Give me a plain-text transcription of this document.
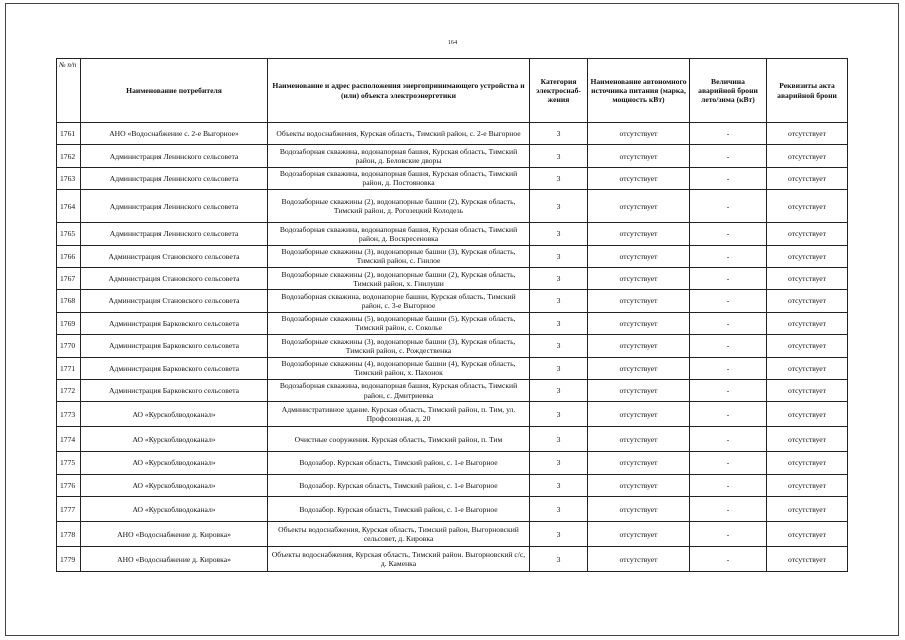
164
№ п/п	Наименование потребителя	Наименование и адрес расположения энергопринимающего устройства и (или) объекта электроэнергетики	Категория электроснаб-жения	Наименование автономного источника питания (марка, мощность кВт)	Величина аварийной брони лето/зима (кВт)	Реквизиты акта аварийной брони
1761	АНО «Водоснабжение с. 2-е Выгорное»	Объекты водоснабжения, Курская область, Тимский район, с. 2-е Выгорное	3	отсутствует	-	отсутствует
1762	Администрация Ленинского сельсовета	Водозаборная скважина, водонапорная башня, Курская область, Тимский район, д. Беловские дворы	3	отсутствует	-	отсутствует
1763	Администрация Ленинского сельсовета	Водозаборная скважина, водонапорная башня, Курская область, Тимский район, д. Постояновка	3	отсутствует	-	отсутствует
1764	Администрация Ленинского сельсовета	Водозаборные скважины (2), водонапорные башни (2), Курская область, Тимский район, д. Рогозецкий Колодезь	3	отсутствует	-	отсутствует
1765	Администрация Ленинского сельсовета	Водозаборная скважина, водонапорная башня, Курская область, Тимский район, д. Воскресеновка	3	отсутствует	-	отсутствует
1766	Администрация Становского сельсовета	Водозаборные скважины (3), водонапорные башни (3), Курская область, Тимский район, с. Гнилое	3	отсутствует	-	отсутствует
1767	Администрация Становского сельсовета	Водозаборные скважины (2), водонапорные башни (2), Курская область, Тимский район, х. Гнилуши	3	отсутствует	-	отсутствует
1768	Администрация Становского сельсовета	Водозаборная скважина, водонапорне башни, Курская область, Тимский район, с. 3-е Выгорное	3	отсутствует	-	отсутствует
1769	Администрация Барковского сельсовета	Водозаборные скважины (5), водонапорные башни (5), Курская область, Тимский район, с. Соколье	3	отсутствует	-	отсутствует
1770	Администрация Барковского сельсовета	Водозаборные скважины (3), водонапорные башни (3), Курская область, Тимский район, с. Рождественка	3	отсутствует	-	отсутствует
1771	Администрация Барковского сельсовета	Водозаборные скважины (4), водонапорные башни (4), Курская область, Тимский район, х. Пахонок	3	отсутствует	-	отсутствует
1772	Администрация Барковского сельсовета	Водозаборная скважина, водонапорная башня, Курская область, Тимский район, с. Дмитриевка	3	отсутствует	-	отсутствует
1773	АО «Курскоблводоканал»	Административное здание. Курская область, Тимский район, п. Тим, ул. Профсоюзная, д. 20	3	отсутствует	-	отсутствует
1774	АО «Курскоблводоканал»	Очистные сооружения. Курская область, Тимский район, п. Тим	3	отсутствует	-	отсутствует
1775	АО «Курскоблводоканал»	Водозабор. Курская область, Тимский район, с. 1-е Выгорное	3	отсутствует	-	отсутствует
1776	АО «Курскоблводоканал»	Водозабор. Курская область, Тимский район, с. 1-е Выгорное	3	отсутствует	-	отсутствует
1777	АО «Курскоблводоканал»	Водозабор. Курская область, Тимский район, с. 1-е Выгорное	3	отсутствует	-	отсутствует
1778	АНО «Водоснабжение д. Кировка»	Объекты водоснабжения, Курская область, Тимский район, Выгорновский сельсовет, д. Кировка	3	отсутствует	-	отсутствует
1779	АНО «Водоснабжение д. Кировка»	Объекты водоснабжения, Курская область, Тимский район. Выгорновский с/с, д. Каменка	3	отсутствует	-	отсутствует
